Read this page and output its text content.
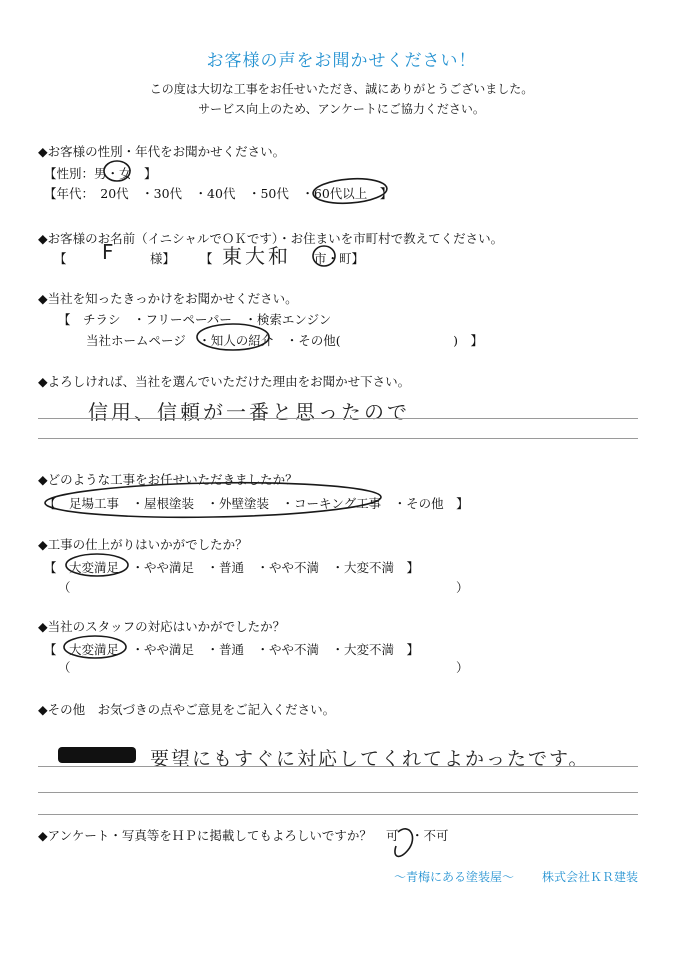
お客様の声をお聞かせください！
この度は大切な工事をお任せいただき、誠にありがとうございました。
サービス向上のため、アンケートにご協力ください。
◆お客様の性別・年代をお聞かせください。
【性別：男・女　】
【年代：　20代　・30代　・40代　・50代　・60代以上　】
◆お客様のお名前（イニシャルでＯＫです）・お住まいを市町村で教えてください。
【 F	様】 【 東大和 市・町】
◆当社を知ったきっかけをお聞かせください。
【　チラシ　・フリーペーパー　・検索エンジン
当社ホームページ　・知人の紹介　・その他(　　　　　　　　　)　】
◆よろしければ、当社を選んでいただけた理由をお聞かせ下さい。
信用、信頼が一番と思ったので
◆どのような工事をお任せいただきましたか？
【　足場工事　・屋根塗装　・外壁塗装　・コーキング工事　・その他　】
◆工事の仕上がりはいかがでしたか？
【　大変満足　・やや満足　・普通　・やや不満　・大変不満　】
（	）
◆当社のスタッフの対応はいかがでしたか？
【　大変満足　・やや満足　・普通　・やや不満　・大変不満　】
（	）
◆その他　お気づきの点やご意見をご記入ください。
要望にもすぐに対応してくれてよかったです。
◆アンケート・写真等をＨＰに掲載してもよろしいですか？ 可　・不可
～青梅にある塗装屋～ 株式会社ＫＲ建装
